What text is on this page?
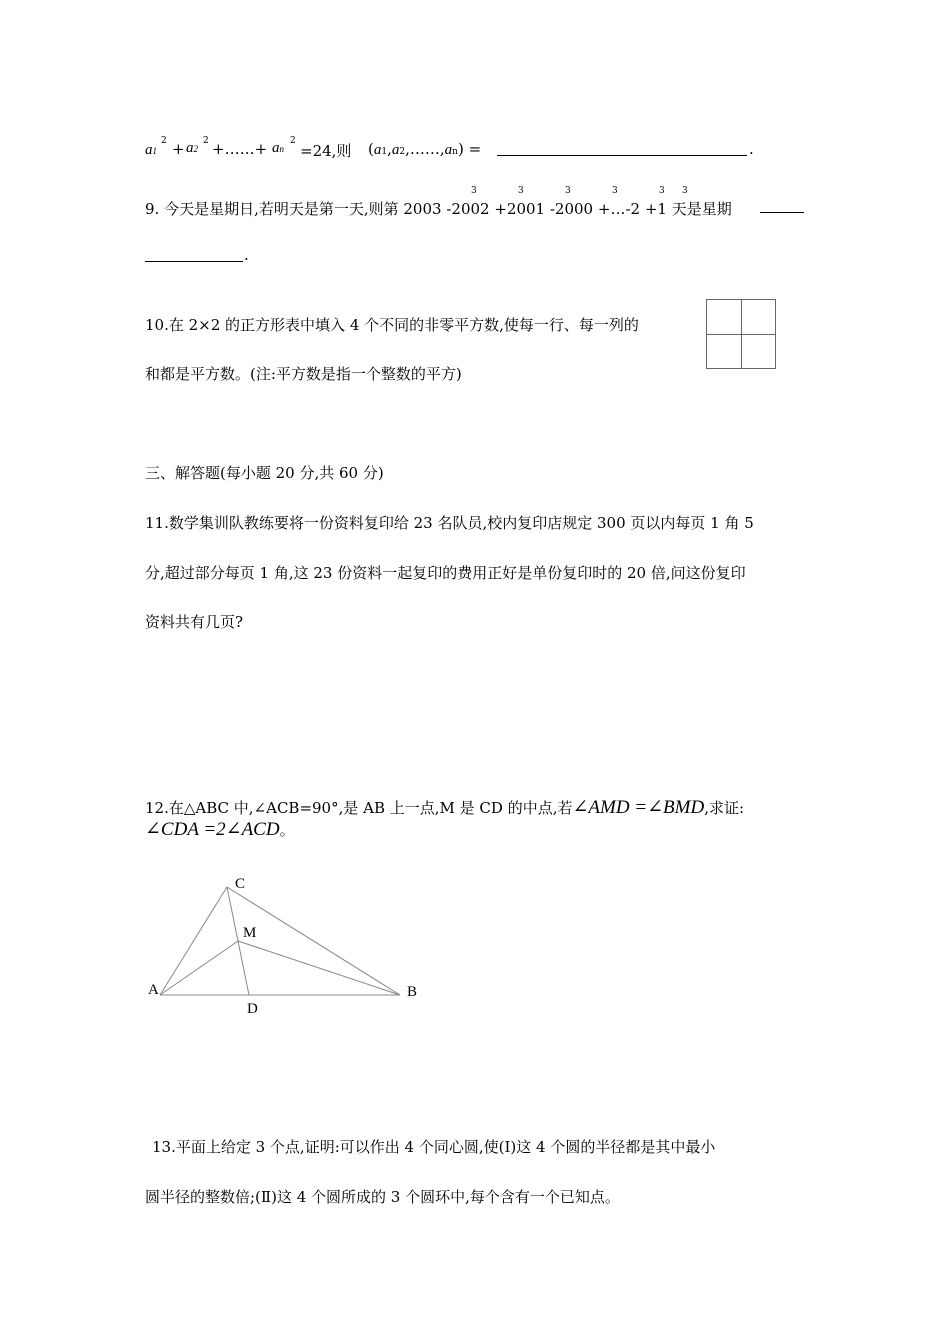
a1
2 + a2
2 +……+ an
2
=24,则 (a1,a2,……,an) =	.
9. 今天是星期日,若明天是第一天,则第 2003 -2002 +2001 -2000 +…-2 +1 天是星期
3	3	3	3	3 3
.
10.在 2×2 的正方形表中填入 4 个不同的非零平方数,使每一行、每一列的
和都是平方数。(注:平方数是指一个整数的平方)
三、解答题(每小题 20 分,共 60 分)
11.数学集训队教练要将一份资料复印给 23 名队员,校内复印店规定 300 页以内每页 1 角 5
分,超过部分每页 1 角,这 23 份资料一起复印的费用正好是单份复印时的 20 倍,问这份复印
资料共有几页?
12.在△ABC 中,∠ACB=90°,是 AB 上一点,M 是 CD 的中点,若∠AMD =∠BMD,求证:
∠CDA =2∠ACD。
C
M
A	B
D
13.平面上给定 3 个点,证明:可以作出 4 个同心圆,使(Ⅰ)这 4 个圆的半径都是其中最小
圆半径的整数倍;(Ⅱ)这 4 个圆所成的 3 个圆环中,每个含有一个已知点。
